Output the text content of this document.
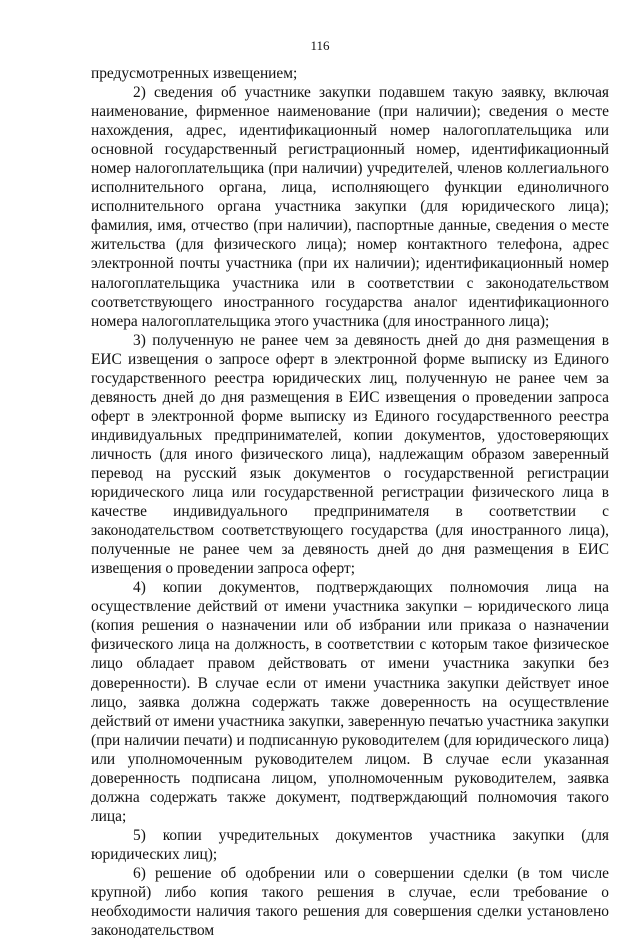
116

предусмотренных извещением;

2) сведения об участнике закупки подавшем такую заявку, включая наименование, фирменное наименование (при наличии); сведения о месте нахождения, адрес, идентификационный номер налогоплательщика или основной государственный регистрационный номер, идентификационный номер налогоплательщика (при наличии) учредителей, членов коллегиального исполнительного органа, лица, исполняющего функции единоличного исполнительного органа участника закупки (для юридического лица); фамилия, имя, отчество (при наличии), паспортные данные, сведения о месте жительства (для физического лица); номер контактного телефона, адрес электронной почты участника (при их наличии); идентификационный номер налогоплательщика участника или в соответствии с законодательством соответствующего иностранного государства аналог идентификационного номера налогоплательщика этого участника (для иностранного лица);

3) полученную не ранее чем за девяность дней до дня размещения в ЕИС извещения о запросе оферт в электронной форме выписку из Единого государственного реестра юридических лиц, полученную не ранее чем за девяность дней до дня размещения в ЕИС извещения о проведении запроса оферт в электронной форме выписку из Единого государственного реестра индивидуальных предпринимателей, копии документов, удостоверяющих личность (для иного физического лица), надлежащим образом заверенный перевод на русский язык документов о государственной регистрации юридического лица или государственной регистрации физического лица в качестве индивидуального предпринимателя в соответствии с законодательством соответствующего государства (для иностранного лица), полученные не ранее чем за девяность дней до дня размещения в ЕИС извещения о проведении запроса оферт;

4) копии документов, подтверждающих полномочия лица на осуществление действий от имени участника закупки – юридического лица (копия решения о назначении или об избрании или приказа о назначении физического лица на должность, в соответствии с которым такое физическое лицо обладает правом действовать от имени участника закупки без доверенности). В случае если от имени участника закупки действует иное лицо, заявка должна содержать также доверенность на осуществление действий от имени участника закупки, заверенную печатью участника закупки (при наличии печати) и подписанную руководителем (для юридического лица) или уполномоченным руководителем лицом. В случае если указанная доверенность подписана лицом, уполномоченным руководителем, заявка должна содержать также документ, подтверждающий полномочия такого лица;

5) копии учредительных документов участника закупки (для юридических лиц);

6) решение об одобрении или о совершении сделки (в том числе крупной) либо копия такого решения в случае, если требование о необходимости наличия такого решения для совершения сделки установлено законодательством
